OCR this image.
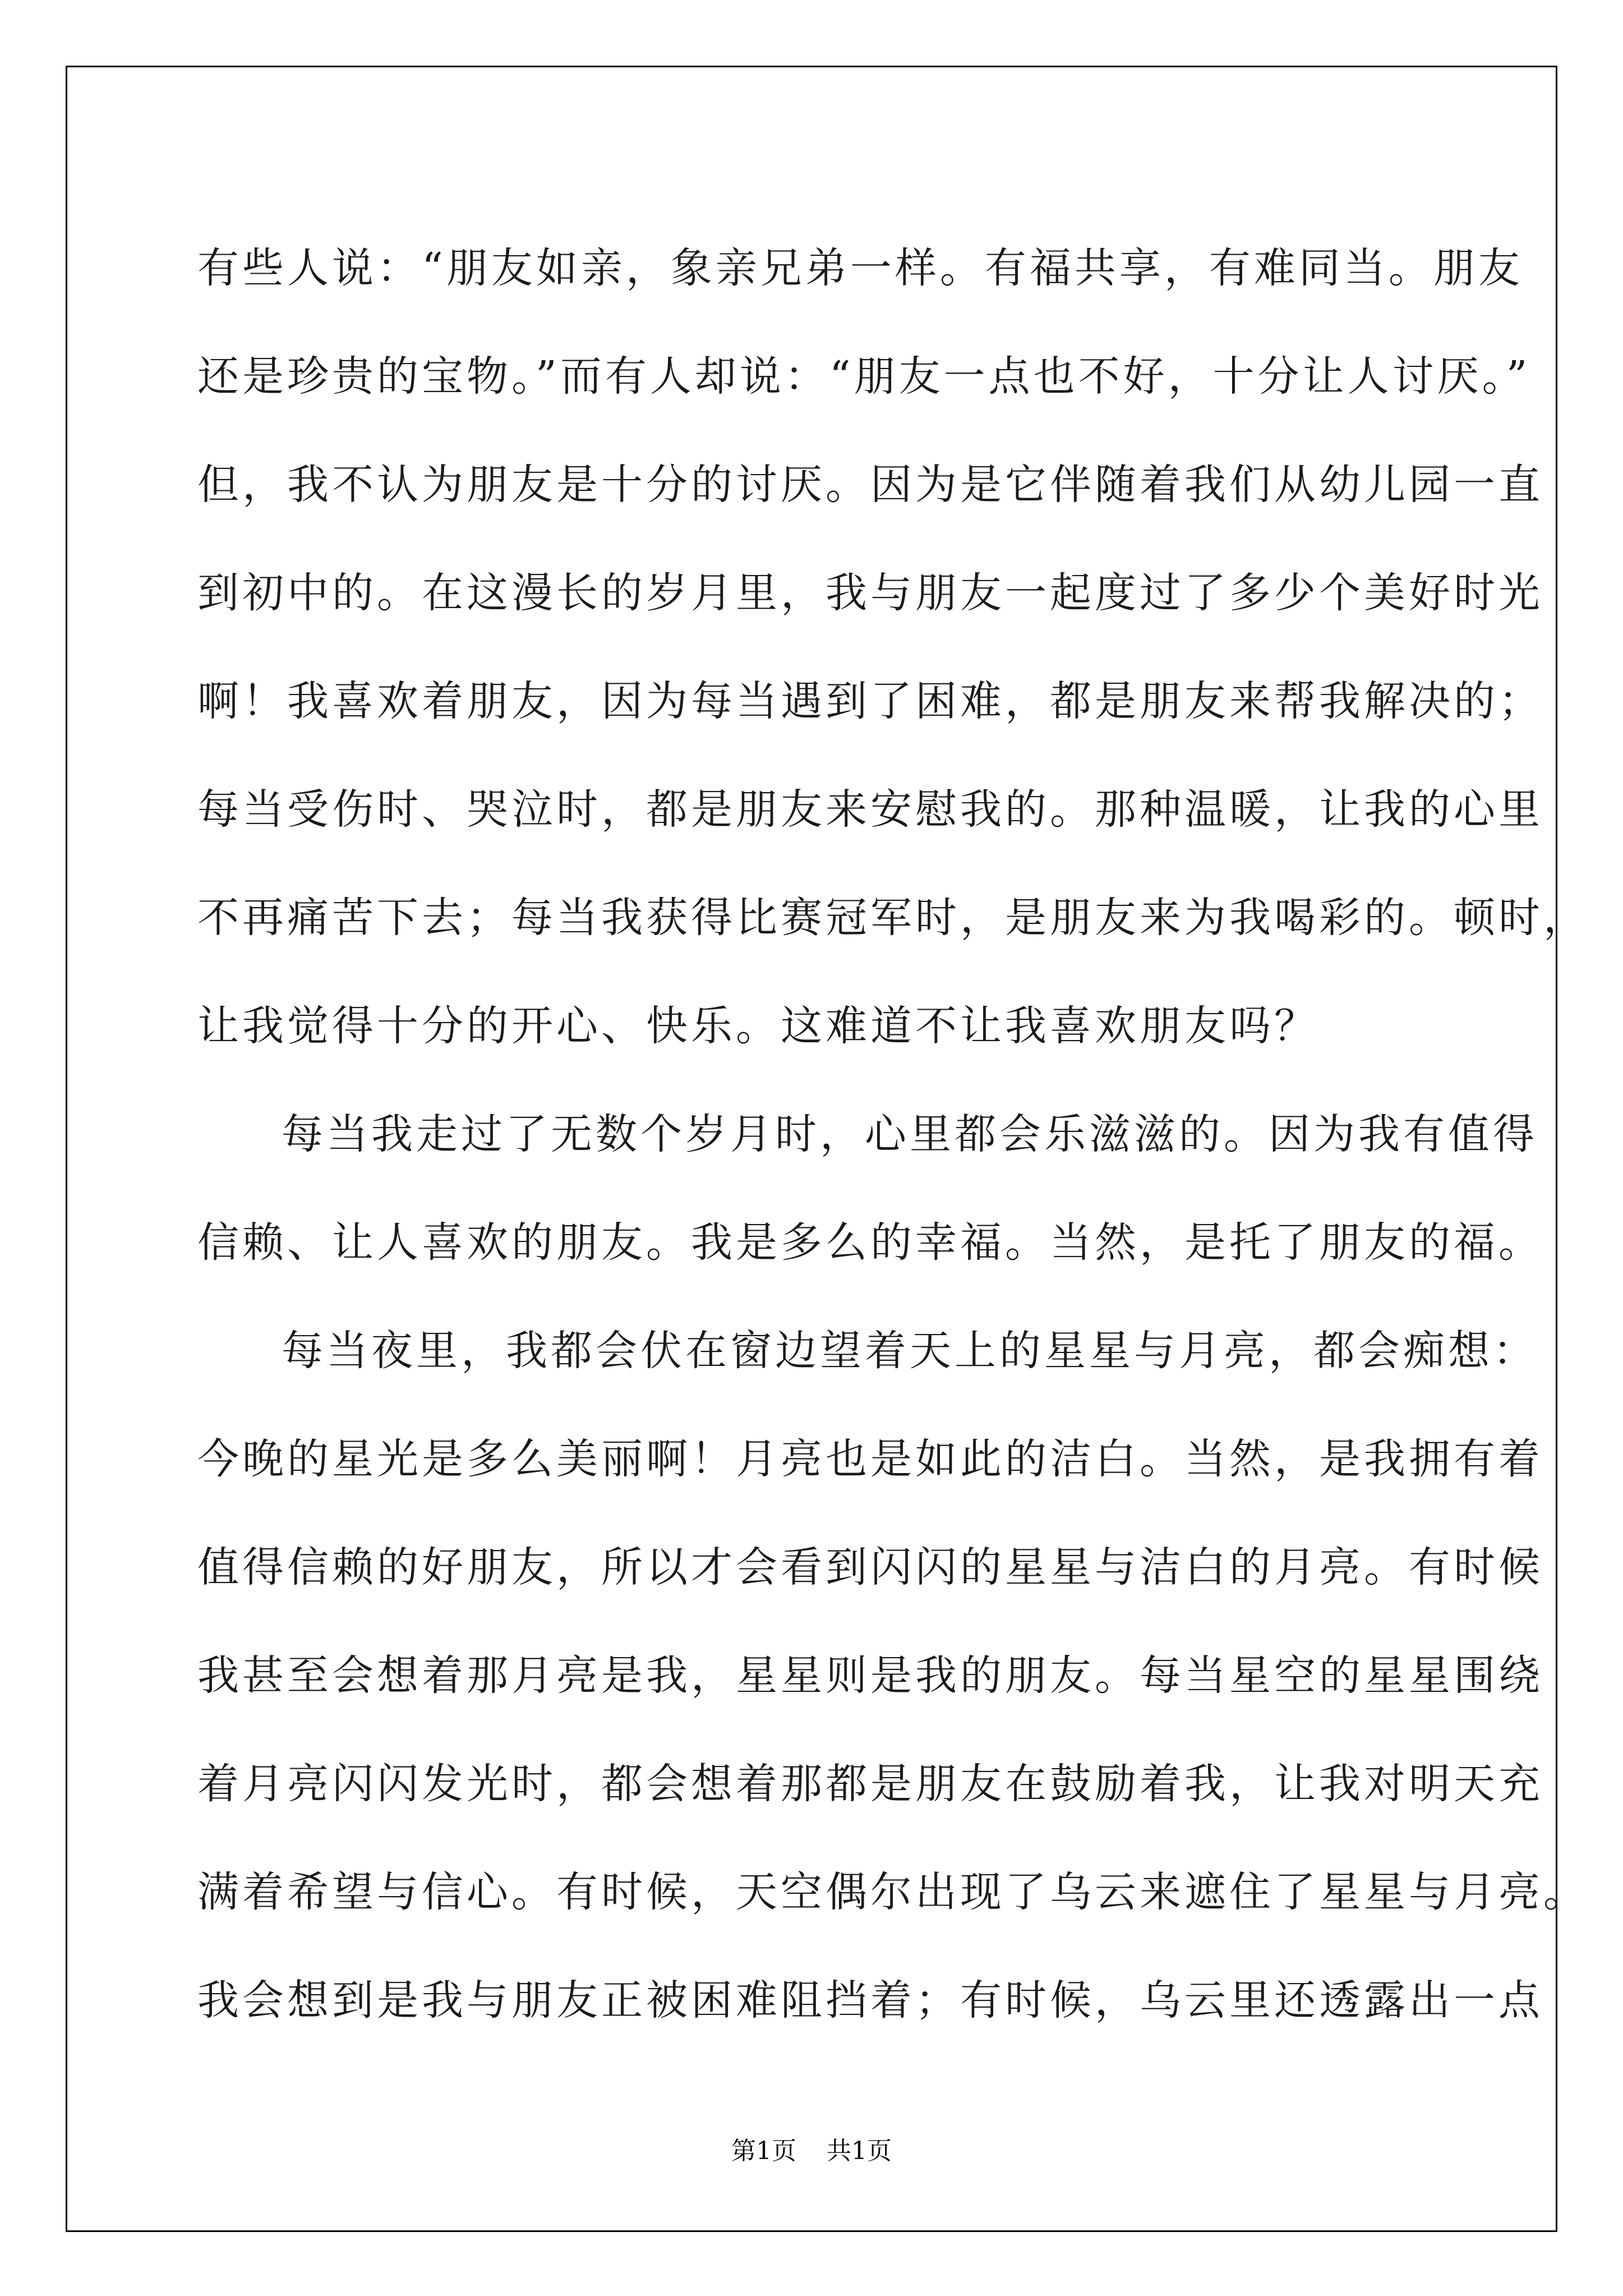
有些人说：“朋友如亲，象亲兄弟一样。有福共享，有难同当。朋友
还是珍贵的宝物。”而有人却说：“朋友一点也不好，十分让人讨厌。”
但，我不认为朋友是十分的讨厌。因为是它伴随着我们从幼儿园一直
到初中的。在这漫长的岁月里，我与朋友一起度过了多少个美好时光
啊！我喜欢着朋友，因为每当遇到了困难，都是朋友来帮我解决的；
每当受伤时、哭泣时，都是朋友来安慰我的。那种温暖，让我的心里
不再痛苦下去；每当我获得比赛冠军时，是朋友来为我喝彩的。顿时，
让我觉得十分的开心、快乐。这难道不让我喜欢朋友吗？
每当我走过了无数个岁月时，心里都会乐滋滋的。因为我有值得
信赖、让人喜欢的朋友。我是多么的幸福。当然，是托了朋友的福。
每当夜里，我都会伏在窗边望着天上的星星与月亮，都会痴想：
今晚的星光是多么美丽啊！月亮也是如此的洁白。当然，是我拥有着
值得信赖的好朋友，所以才会看到闪闪的星星与洁白的月亮。有时候
我甚至会想着那月亮是我，星星则是我的朋友。每当星空的星星围绕
着月亮闪闪发光时，都会想着那都是朋友在鼓励着我，让我对明天充
满着希望与信心。有时候，天空偶尔出现了乌云来遮住了星星与月亮。
我会想到是我与朋友正被困难阻挡着；有时候，乌云里还透露出一点
第1页 共1页
